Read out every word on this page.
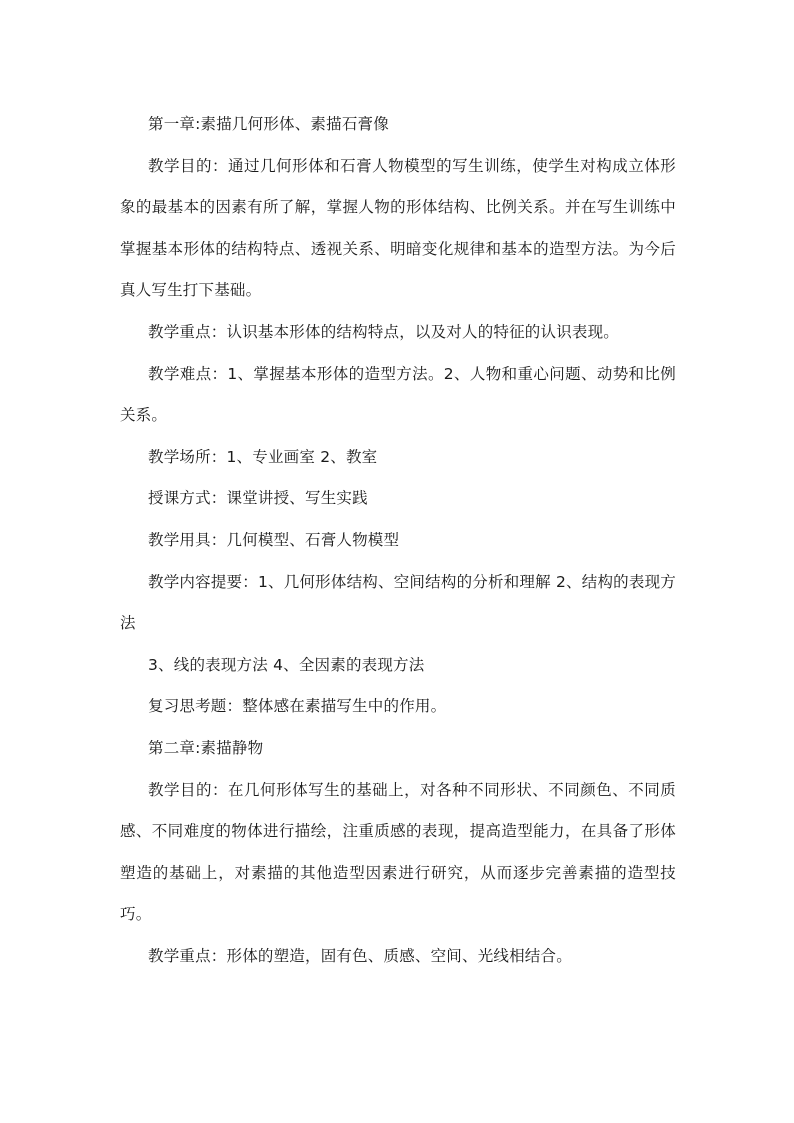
第一章:素描几何形体、素描石膏像

教学目的：通过几何形体和石膏人物模型的写生训练，使学生对构成立体形象的最基本的因素有所了解，掌握人物的形体结构、比例关系。并在写生训练中掌握基本形体的结构特点、透视关系、明暗变化规律和基本的造型方法。为今后真人写生打下基础。

教学重点：认识基本形体的结构特点，以及对人的特征的认识表现。

教学难点：1、掌握基本形体的造型方法。2、人物和重心问题、动势和比例关系。

教学场所：1、专业画室 2、教室

授课方式：课堂讲授、写生实践

教学用具：几何模型、石膏人物模型

教学内容提要：1、几何形体结构、空间结构的分析和理解 2、结构的表现方法

3、线的表现方法 4、全因素的表现方法

复习思考题：整体感在素描写生中的作用。

第二章:素描静物

教学目的：在几何形体写生的基础上，对各种不同形状、不同颜色、不同质感、不同难度的物体进行描绘，注重质感的表现，提高造型能力，在具备了形体塑造的基础上，对素描的其他造型因素进行研究，从而逐步完善素描的造型技巧。

教学重点：形体的塑造，固有色、质感、空间、光线相结合。
